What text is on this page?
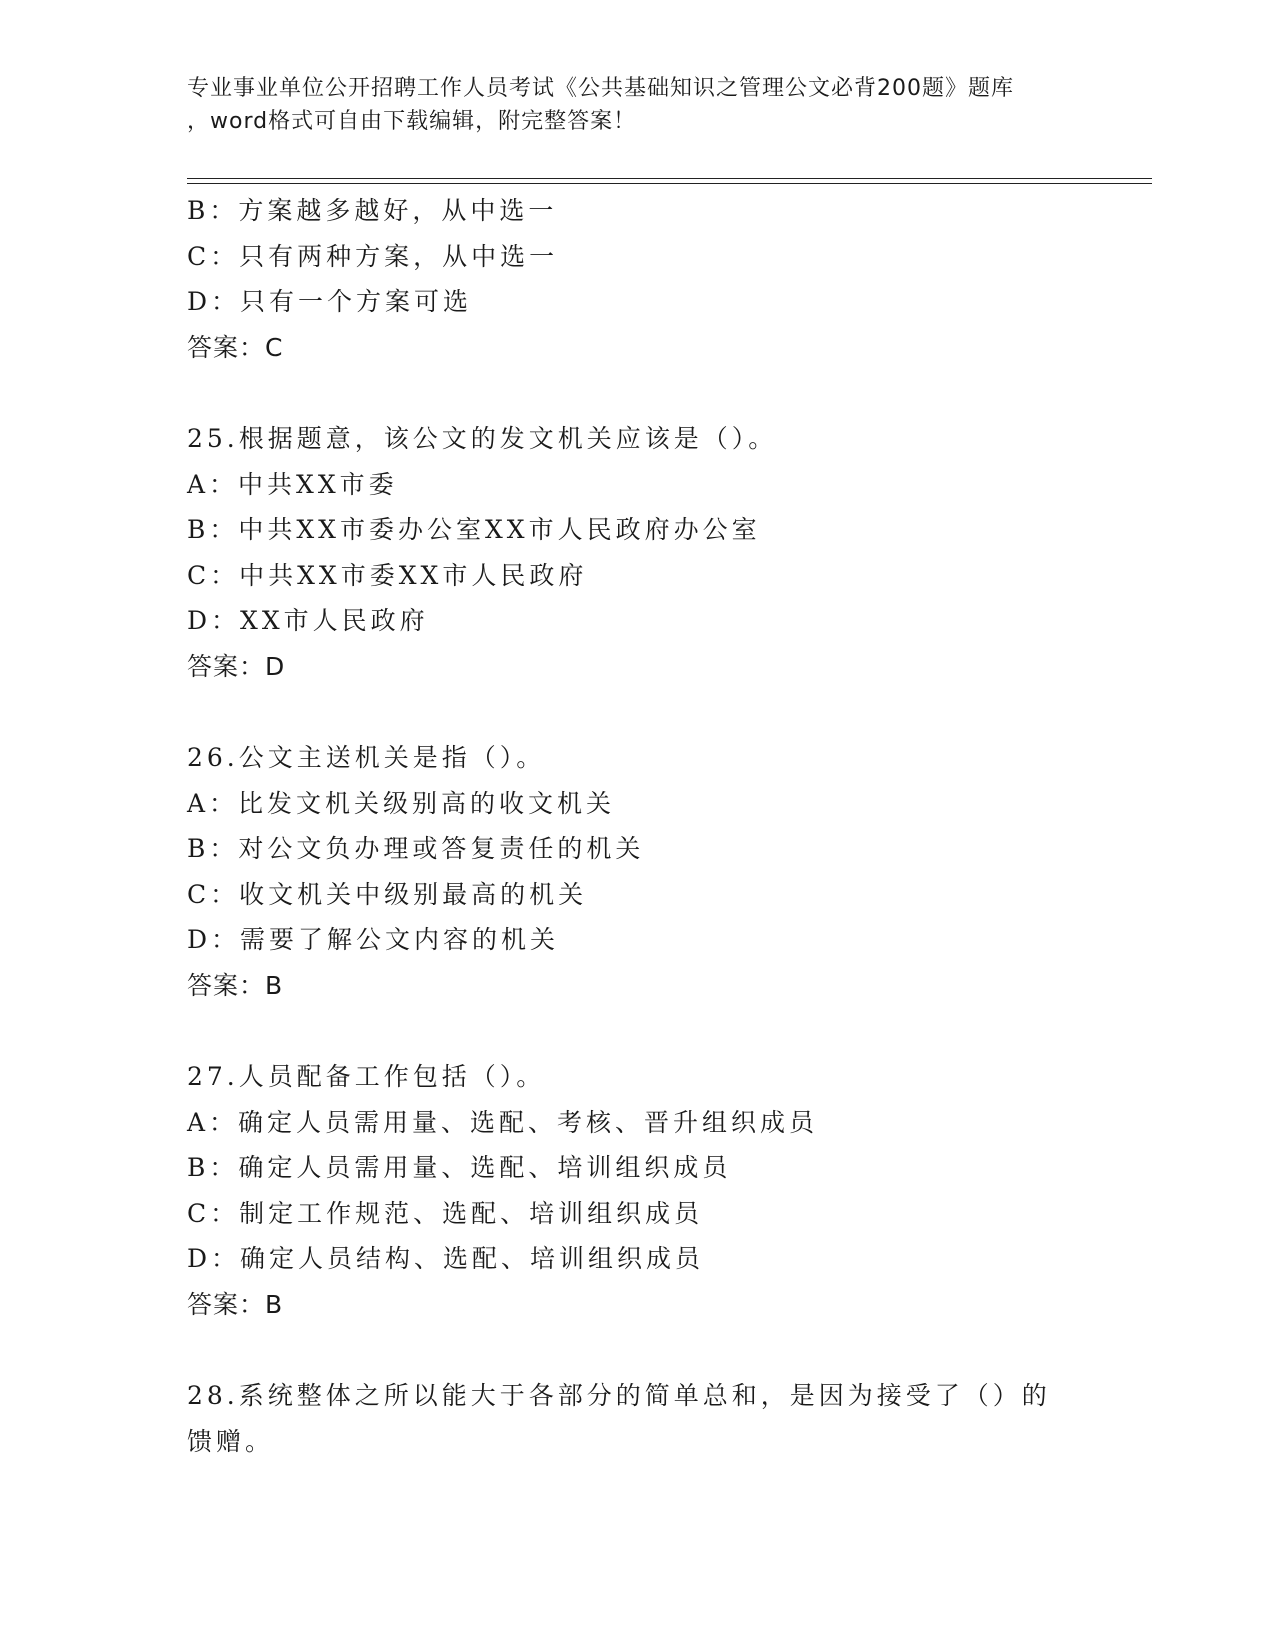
专业事业单位公开招聘工作人员考试《公共基础知识之管理公文必背200题》题库
，word格式可自由下载编辑，附完整答案！
B：方案越多越好，从中选一
C：只有两种方案，从中选一
D：只有一个方案可选
答案：C
25.根据题意，该公文的发文机关应该是（）。
A：中共XX市委
B：中共XX市委办公室XX市人民政府办公室
C：中共XX市委XX市人民政府
D：XX市人民政府
答案：D
26.公文主送机关是指（）。
A：比发文机关级别高的收文机关
B：对公文负办理或答复责任的机关
C：收文机关中级别最高的机关
D：需要了解公文内容的机关
答案：B
27.人员配备工作包括（）。
A：确定人员需用量、选配、考核、晋升组织成员
B：确定人员需用量、选配、培训组织成员
C：制定工作规范、选配、培训组织成员
D：确定人员结构、选配、培训组织成员
答案：B
28.系统整体之所以能大于各部分的简单总和，是因为接受了（）的馈赠。
